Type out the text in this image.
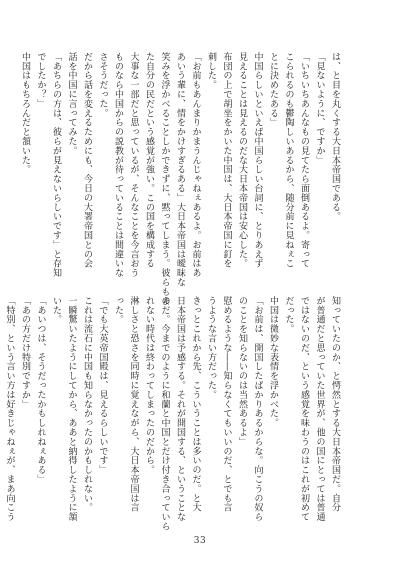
は、と目を丸くする大日本帝国である。
「見ないように、ですか」
「いちいちあんなもの見てたら面倒あるよ。寄って
こられるのも鬱陶しいあるから、随分前に見ねぇこ
とに決めたある」
中国らしいといえば中国らしい台詞に、とりあえず
見えることは見えるのだな大日本帝国は安心した。
布団の上で胡坐をかいた中国は、大日本帝国に釘を
刺した。
「お前もあんまりかまうんじゃねぇあるよ。お前はあ
あいう輩に、情をかけすぎるある」大日本帝国は曖昧な
笑みを浮かべることしかできずに、黙ってしまう。彼らもま
た自分の民だという感覚が強い。この国を構成する
大事な一部だと思っているが、そんなことを今言おう
ものなら中国からの説教が待っていることは間違いな
さそうだった。
だから話を変えるためにも、今日の大署帝国との会
話を中国に言ってみた。
「あちらの方は、彼らが見えないらしいです」と存知
でしたか？」
中国はもちろんだと頷いた。
知っていたのか、と愕然とする大日本帝国だ。自分
が普通だと思っていた世界が、他の国にとっては普通
ではないのだ、という感覚を味わうのはこれが初めて
だった。
中国は微妙な表情を浮かべた。
「お前は、開国したばかりあるからな。向こうの奴ら
のことを知らないのは当然あるよ」
慰めるような――知らなくてもいいのだ、とでも言
うような言い方だった。
きっとこれから先、こういうことは多いのだ。と大
日本帝国は予感する。それが開国する、ということな
のだ。今までのように和蘭と中国とだけ付き合っていら
れない時代は終わってしまったのだから。
淋しさと恐さを同時に覚えながら、大日本帝国は言
った。
「でも大英帝国殿は、見えるらしいです」
これは流石に中国も知らなかったのかもしれない。
一瞬驚いたようにしてから、ああと納得したように頷
いた。
「あいつは、そうだったかもしれねぇある」
「あの方だけ特別ですか」
「特別、という言い方は好きじゃねぇが、まあ向こう
33
